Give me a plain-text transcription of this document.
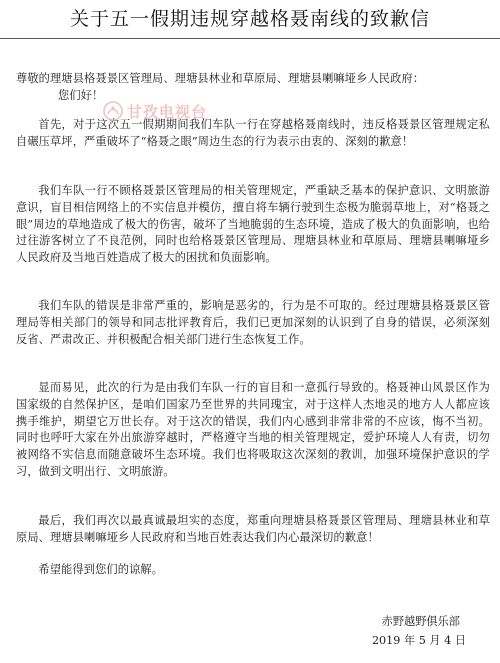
关于五一假期违规穿越格聂南线的致歉信

尊敬的理塘县格聂景区管理局、理塘县林业和草原局、理塘县喇嘛垭乡人民政府：

您们好！

首先，对于这次五一假期期间我们车队一行在穿越格聂南线时，违反格聂景区管理规定私自碾压草坪，严重破坏了“格聂之眼”周边生态的行为表示由衷的、深刻的歉意！

我们车队一行不顾格聂景区管理局的相关管理规定，严重缺乏基本的保护意识、文明旅游意识，盲目相信网络上的不实信息并模仿，擅自将车辆行驶到生态极为脆弱草地上，对“格聂之眼”周边的草地造成了极大的伤害，破坏了当地脆弱的生态环境，造成了极大的负面影响，也给过往游客树立了不良范例，同时也给格聂景区管理局、理塘县林业和草原局、理塘县喇嘛垭乡人民政府及当地百姓造成了极大的困扰和负面影响。

我们车队的错误是非常严重的，影响是恶劣的，行为是不可取的。经过理塘县格聂景区管理局等相关部门的领导和同志批评教育后，我们已更加深刻的认识到了自身的错误，必须深刻反省、严肃改正、并积极配合相关部门进行生态恢复工作。

显而易见，此次的行为是由我们车队一行的盲目和一意孤行导致的。格聂神山风景区作为国家级的自然保护区，是咱们国家乃至世界的共同瑰宝，对于这样人杰地灵的地方人人都应该携手维护，期望它万世长存。对于这次的错误，我们内心感到非常非常的不应该，悔不当初。同时也呼吁大家在外出旅游穿越时，严格遵守当地的相关管理规定，爱护环境人人有责，切勿被网络不实信息而随意破坏生态环境。我们也将吸取这次深刻的教训，加强环境保护意识的学习，做到文明出行、文明旅游。

最后，我们再次以最真诚最坦实的态度，郑重向理塘县格聂景区管理局、理塘县林业和草原局、理塘县喇嘛垭乡人民政府和当地百姓表达我们内心最深切的歉意！

希望能得到您们的谅解。

甘孜电视台
赤野越野俱乐部
2019 年 5 月 4 日
